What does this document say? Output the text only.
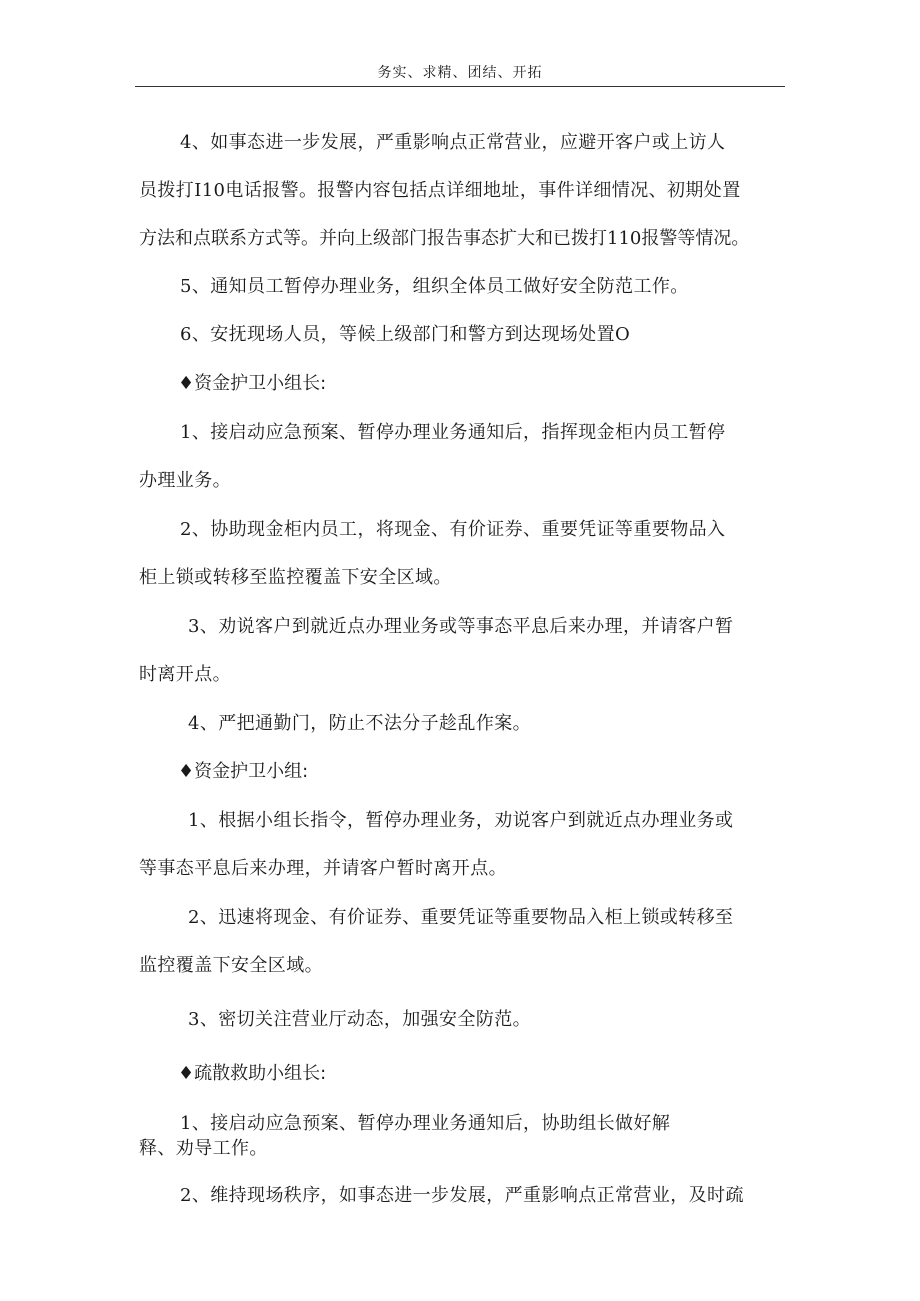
务实、求精、团结、开拓
4、如事态进一步发展，严重影响点正常营业，应避开客户或上访人
员拨打I10电话报警。报警内容包括点详细地址，事件详细情况、初期处置
方法和点联系方式等。并向上级部门报告事态扩大和已拨打110报警等情况。
5、通知员工暂停办理业务，组织全体员工做好安全防范工作。
6、安抚现场人员，等候上级部门和警方到达现场处置O
♦资金护卫小组长:
1、接启动应急预案、暂停办理业务通知后，指挥现金柜内员工暂停
办理业务。
2、协助现金柜内员工，将现金、有价证券、重要凭证等重要物品入
柜上锁或转移至监控覆盖下安全区域。
3、劝说客户到就近点办理业务或等事态平息后来办理，并请客户暂
时离开点。
4、严把通勤门，防止不法分子趁乱作案。
♦资金护卫小组:
1、根据小组长指令，暂停办理业务，劝说客户到就近点办理业务或
等事态平息后来办理，并请客户暂时离开点。
2、迅速将现金、有价证券、重要凭证等重要物品入柜上锁或转移至
监控覆盖下安全区域。
3、密切关注营业厅动态，加强安全防范。
♦疏散救助小组长:
1、接启动应急预案、暂停办理业务通知后，协助组长做好解
释、劝导工作。
2、维持现场秩序，如事态进一步发展，严重影响点正常营业，及时疏
